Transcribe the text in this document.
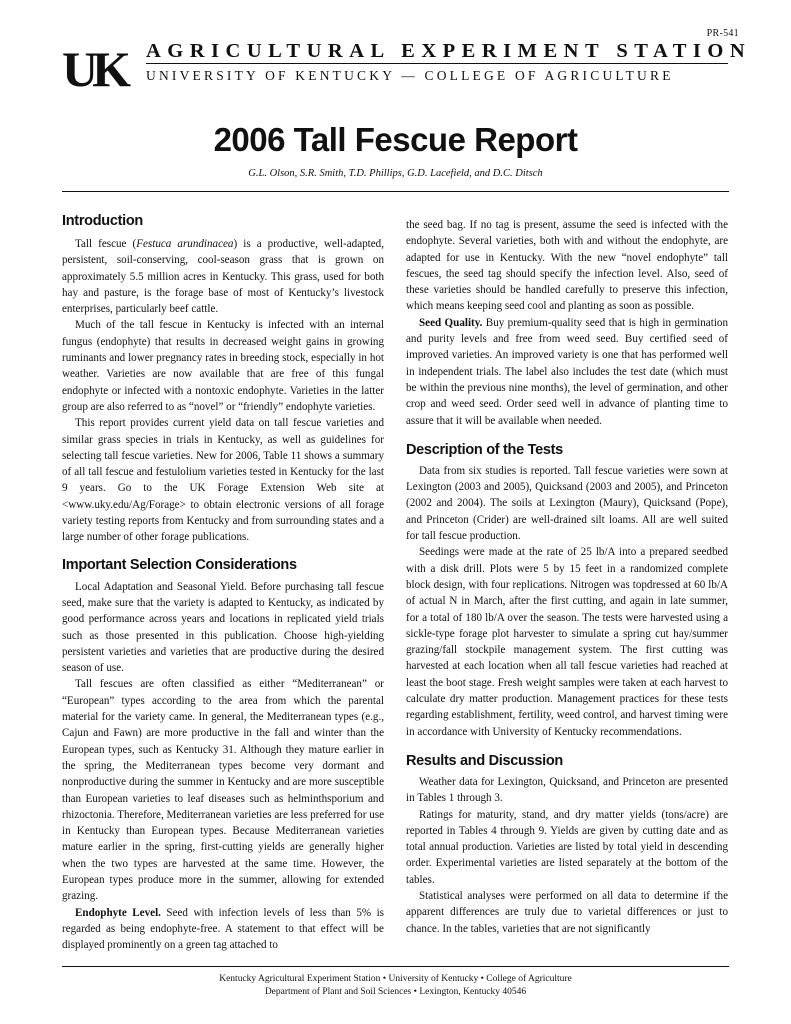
PR-541
UK AGRICULTURAL EXPERIMENT STATION
UNIVERSITY OF KENTUCKY — COLLEGE OF AGRICULTURE
2006 Tall Fescue Report
G.L. Olson, S.R. Smith, T.D. Phillips, G.D. Lacefield, and D.C. Ditsch
Introduction

Tall fescue (Festuca arundinacea) is a productive, well-adapted, persistent, soil-conserving, cool-season grass that is grown on approximately 5.5 million acres in Kentucky. This grass, used for both hay and pasture, is the forage base of most of Kentucky’s livestock enterprises, particularly beef cattle.

Much of the tall fescue in Kentucky is infected with an internal fungus (endophyte) that results in decreased weight gains in growing ruminants and lower pregnancy rates in breeding stock, especially in hot weather. Varieties are now available that are free of this fungal endophyte or infected with a nontoxic endophyte. Varieties in the latter group are also referred to as “novel” or “friendly” endophyte varieties.

This report provides current yield data on tall fescue varieties and similar grass species in trials in Kentucky, as well as guidelines for selecting tall fescue varieties. New for 2006, Table 11 shows a summary of all tall fescue and festulolium varieties tested in Kentucky for the last 9 years. Go to the UK Forage Extension Web site at <www.uky.edu/Ag/Forage> to obtain electronic versions of all forage variety testing reports from Kentucky and from surrounding states and a large number of other forage publications.

Important Selection Considerations

Local Adaptation and Seasonal Yield. Before purchasing tall fescue seed, make sure that the variety is adapted to Kentucky, as indicated by good performance across years and locations in replicated yield trials such as those presented in this publication. Choose high-yielding persistent varieties and varieties that are productive during the desired season of use.

Tall fescues are often classified as either “Mediterranean” or “European” types according to the area from which the parental material for the variety came. In general, the Mediterranean types (e.g., Cajun and Fawn) are more productive in the fall and winter than the European types, such as Kentucky 31. Although they mature earlier in the spring, the Mediterranean types become very dormant and nonproductive during the summer in Kentucky and are more susceptible than European varieties to leaf diseases such as helminthsporium and rhizoctonia. Therefore, Mediterranean varieties are less preferred for use in Kentucky than European types. Because Mediterranean varieties mature earlier in the spring, first-cutting yields are generally higher when the two types are harvested at the same time. However, the European types produce more in the summer, allowing for extended grazing.

Endophyte Level. Seed with infection levels of less than 5% is regarded as being endophyte-free. A statement to that effect will be displayed prominently on a green tag attached to

the seed bag. If no tag is present, assume the seed is infected with the endophyte. Several varieties, both with and without the endophyte, are adapted for use in Kentucky. With the new “novel endophyte” tall fescues, the seed tag should specify the infection level. Also, seed of these varieties should be handled carefully to preserve this infection, which means keeping seed cool and planting as soon as possible.

Seed Quality. Buy premium-quality seed that is high in germination and purity levels and free from weed seed. Buy certified seed of improved varieties. An improved variety is one that has performed well in independent trials. The label also includes the test date (which must be within the previous nine months), the level of germination, and other crop and weed seed. Order seed well in advance of planting time to assure that it will be available when needed.

Description of the Tests

Data from six studies is reported. Tall fescue varieties were sown at Lexington (2003 and 2005), Quicksand (2003 and 2005), and Princeton (2002 and 2004). The soils at Lexington (Maury), Quicksand (Pope), and Princeton (Crider) are well-drained silt loams. All are well suited for tall fescue production.

Seedings were made at the rate of 25 lb/A into a prepared seedbed with a disk drill. Plots were 5 by 15 feet in a randomized complete block design, with four replications. Nitrogen was topdressed at 60 lb/A of actual N in March, after the first cutting, and again in late summer, for a total of 180 lb/A over the season. The tests were harvested using a sickle-type forage plot harvester to simulate a spring cut hay/summer grazing/fall stockpile management system. The first cutting was harvested at each location when all tall fescue varieties had reached at least the boot stage. Fresh weight samples were taken at each harvest to calculate dry matter production. Management practices for these tests regarding establishment, fertility, weed control, and harvest timing were in accordance with University of Kentucky recommendations.

Results and Discussion

Weather data for Lexington, Quicksand, and Princeton are presented in Tables 1 through 3.

Ratings for maturity, stand, and dry matter yields (tons/acre) are reported in Tables 4 through 9. Yields are given by cutting date and as total annual production. Varieties are listed by total yield in descending order. Experimental varieties are listed separately at the bottom of the tables.

Statistical analyses were performed on all data to determine if the apparent differences are truly due to varietal differences or just to chance. In the tables, varieties that are not significantly

Kentucky Agricultural Experiment Station • University of Kentucky • College of Agriculture
Department of Plant and Soil Sciences • Lexington, Kentucky 40546
